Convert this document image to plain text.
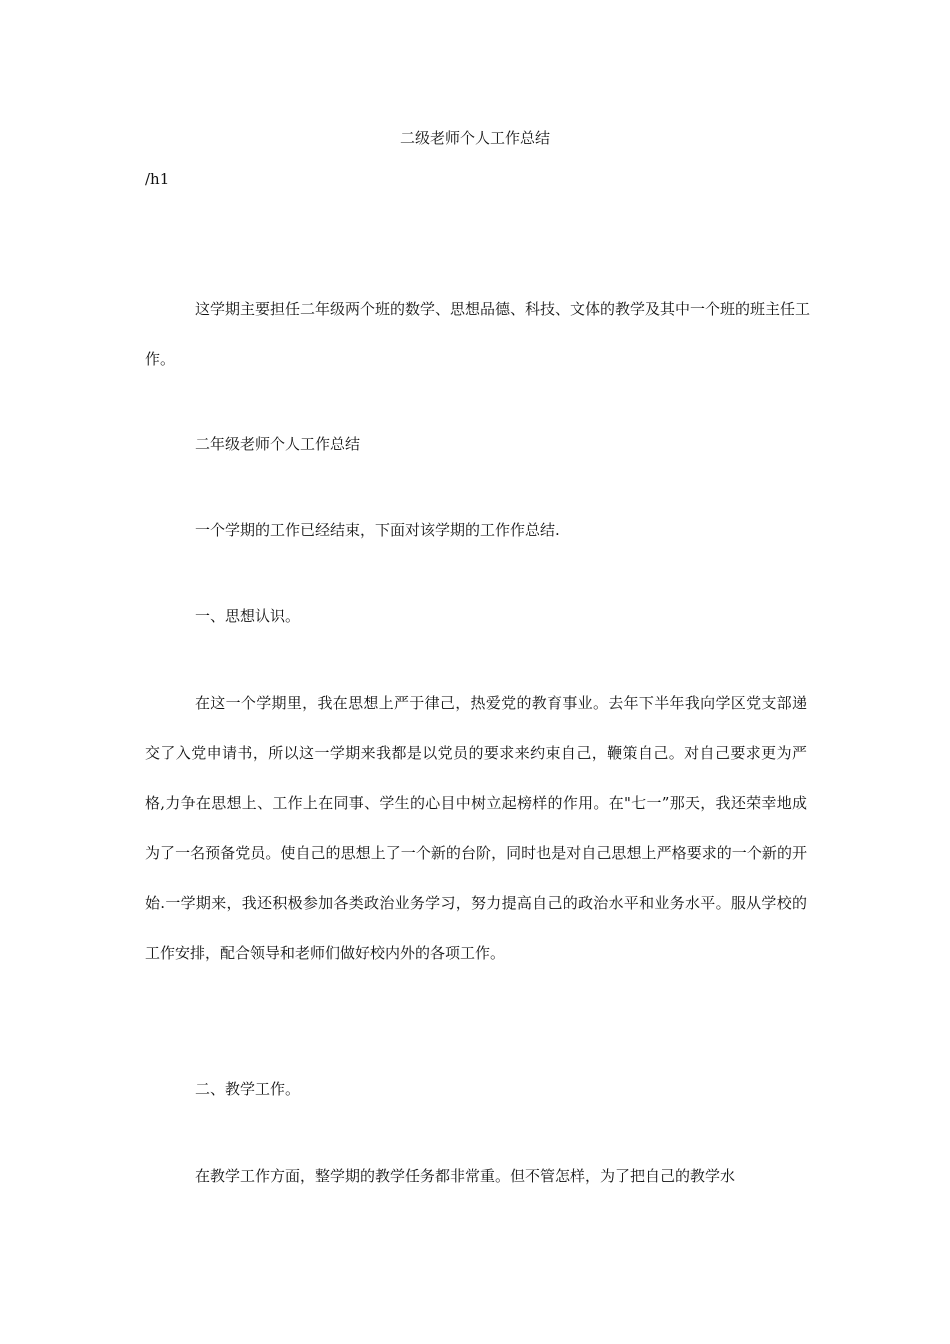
二级老师个人工作总结
/h1

这学期主要担任二年级两个班的数学、思想品德、科技、文体的教学及其中一个班的班主任工作。

二年级老师个人工作总结

一个学期的工作已经结束，下面对该学期的工作作总结.

一、思想认识。

在这一个学期里，我在思想上严于律己，热爱党的教育事业。去年下半年我向学区党支部递交了入党申请书，所以这一学期来我都是以党员的要求来约束自己，鞭策自己。对自己要求更为严格,力争在思想上、工作上在同事、学生的心目中树立起榜样的作用。在"七一”那天，我还荣幸地成为了一名预备党员。使自己的思想上了一个新的台阶，同时也是对自己思想上严格要求的一个新的开始.一学期来，我还积极参加各类政治业务学习，努力提高自己的政治水平和业务水平。服从学校的工作安排，配合领导和老师们做好校内外的各项工作。

二、教学工作。

在教学工作方面，整学期的教学任务都非常重。但不管怎样，为了把自己的教学水
